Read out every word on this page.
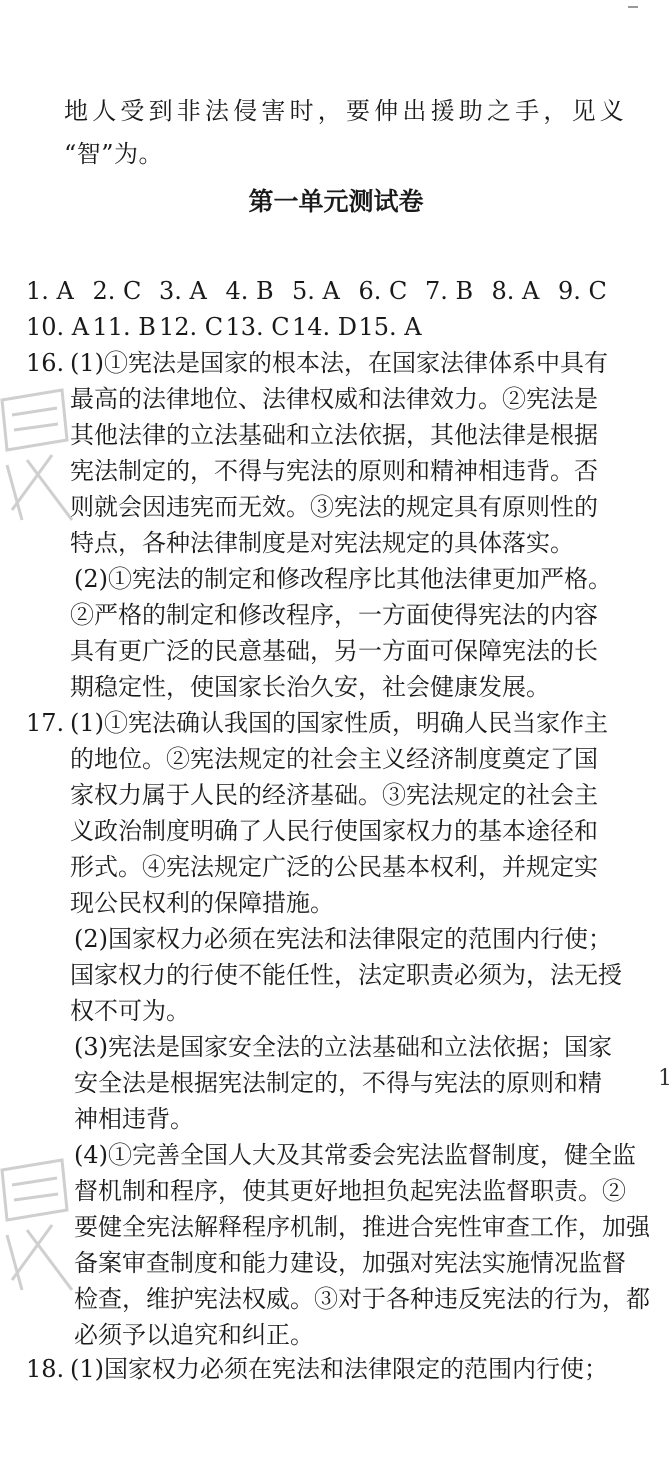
地人受到非法侵害时，要伸出援助之手，见义
“智”为。
第一单元测试卷
1. A 2. C 3. A 4. B 5. A 6. C 7. B 8. A 9. C
10. A 11. B 12. C13. C14. D15. A
16. (1)①宪法是国家的根本法，在国家法律体系中具有
最高的法律地位、法律权威和法律效力。②宪法是
其他法律的立法基础和立法依据，其他法律是根据
宪法制定的，不得与宪法的原则和精神相违背。否
则就会因违宪而无效。③宪法的规定具有原则性的
特点，各种法律制度是对宪法规定的具体落实。
(2)①宪法的制定和修改程序比其他法律更加严格。
②严格的制定和修改程序，一方面使得宪法的内容
具有更广泛的民意基础，另一方面可保障宪法的长
期稳定性，使国家长治久安，社会健康发展。
17. (1)①宪法确认我国的国家性质，明确人民当家作主
的地位。②宪法规定的社会主义经济制度奠定了国
家权力属于人民的经济基础。③宪法规定的社会主
义政治制度明确了人民行使国家权力的基本途径和
形式。④宪法规定广泛的公民基本权利，并规定实
现公民权利的保障措施。
(2)国家权力必须在宪法和法律限定的范围内行使；
国家权力的行使不能任性，法定职责必须为，法无授
权不可为。
(3)宪法是国家安全法的立法基础和立法依据；国家
安全法是根据宪法制定的，不得与宪法的原则和精
神相违背。
(4)①完善全国人大及其常委会宪法监督制度，健全监
督机制和程序，使其更好地担负起宪法监督职责。②
要健全宪法解释程序机制，推进合宪性审查工作，加强
备案审查制度和能力建设，加强对宪法实施情况监督
检查，维护宪法权威。③对于各种违反宪法的行为，都
必须予以追究和纠正。
18. (1)国家权力必须在宪法和法律限定的范围内行使；
1
